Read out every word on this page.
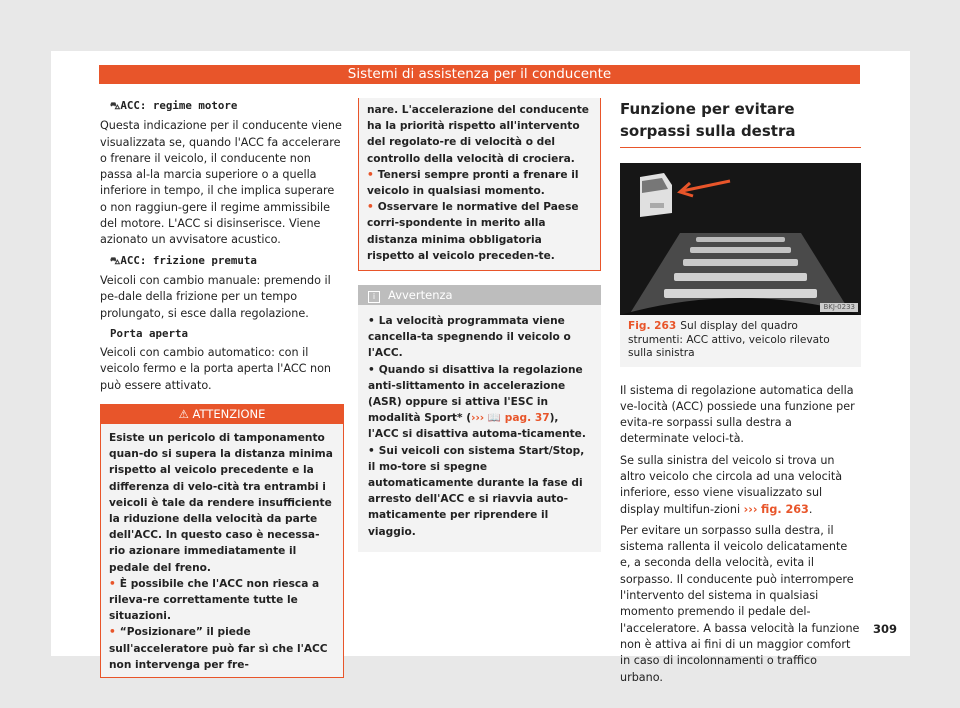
Sistemi di assistenza per il conducente

⛍ACC: regime motore

Questa indicazione per il conducente viene visualizzata se, quando l'ACC fa accelerare o frenare il veicolo, il conducente non passa al-la marcia superiore o a quella inferiore in tempo, il che implica superare o non raggiun-gere il regime ammissibile del motore. L'ACC si disinserisce. Viene azionato un avvisatore acustico.

⛍ACC: frizione premuta

Veicoli con cambio manuale: premendo il pe-dale della frizione per un tempo prolungato, si esce dalla regolazione.

Porta aperta

Veicoli con cambio automatico: con il veicolo fermo e la porta aperta l'ACC non può essere attivato.

⚠ ATTENZIONE
Esiste un pericolo di tamponamento quan-do si supera la distanza minima rispetto al veicolo precedente e la differenza di velo-cità tra entrambi i veicoli è tale da rendere insufficiente la riduzione della velocità da parte dell'ACC. In questo caso è necessa-rio azionare immediatamente il pedale del freno.
• È possibile che l'ACC non riesca a rileva-re correttamente tutte le situazioni.
• “Posizionare” il piede sull'acceleratore può far sì che l'ACC non intervenga per fre-
nare. L'accelerazione del conducente ha la priorità rispetto all'intervento del regolato-re di velocità o del controllo della velocità di crociera.
• Tenersi sempre pronti a frenare il veicolo in qualsiasi momento.
• Osservare le normative del Paese corri-spondente in merito alla distanza minima obbligatoria rispetto al veicolo preceden-te.
i Avvertenza
• La velocità programmata viene cancella-ta spegnendo il veicolo o l'ACC.
• Quando si disattiva la regolazione anti-slittamento in accelerazione (ASR) oppure si attiva l'ESC in modalità Sport* (››› 📖 pag. 37), l'ACC si disattiva automa-ticamente.
• Sui veicoli con sistema Start/Stop, il mo-tore si spegne automaticamente durante la fase di arresto dell'ACC e si riavvia auto-maticamente per riprendere il viaggio.
Funzione per evitare sorpassi sulla destra
BKJ-0233
Fig. 263 Sul display del quadro strumenti: ACC attivo, veicolo rilevato sulla sinistra

Il sistema di regolazione automatica della ve-locità (ACC) possiede una funzione per evita-re sorpassi sulla destra a determinate veloci-tà.

Se sulla sinistra del veicolo si trova un altro veicolo che circola ad una velocità inferiore, esso viene visualizzato sul display multifun-zioni ››› fig. 263.

Per evitare un sorpasso sulla destra, il sistema rallenta il veicolo delicatamente e, a seconda della velocità, evita il sorpasso. Il conducente può interrompere l'intervento del sistema in qualsiasi momento premendo il pedale del-l'acceleratore. A bassa velocità la funzione non è attiva ai fini di un maggior comfort in caso di incolonnamenti o traffico urbano.

309
